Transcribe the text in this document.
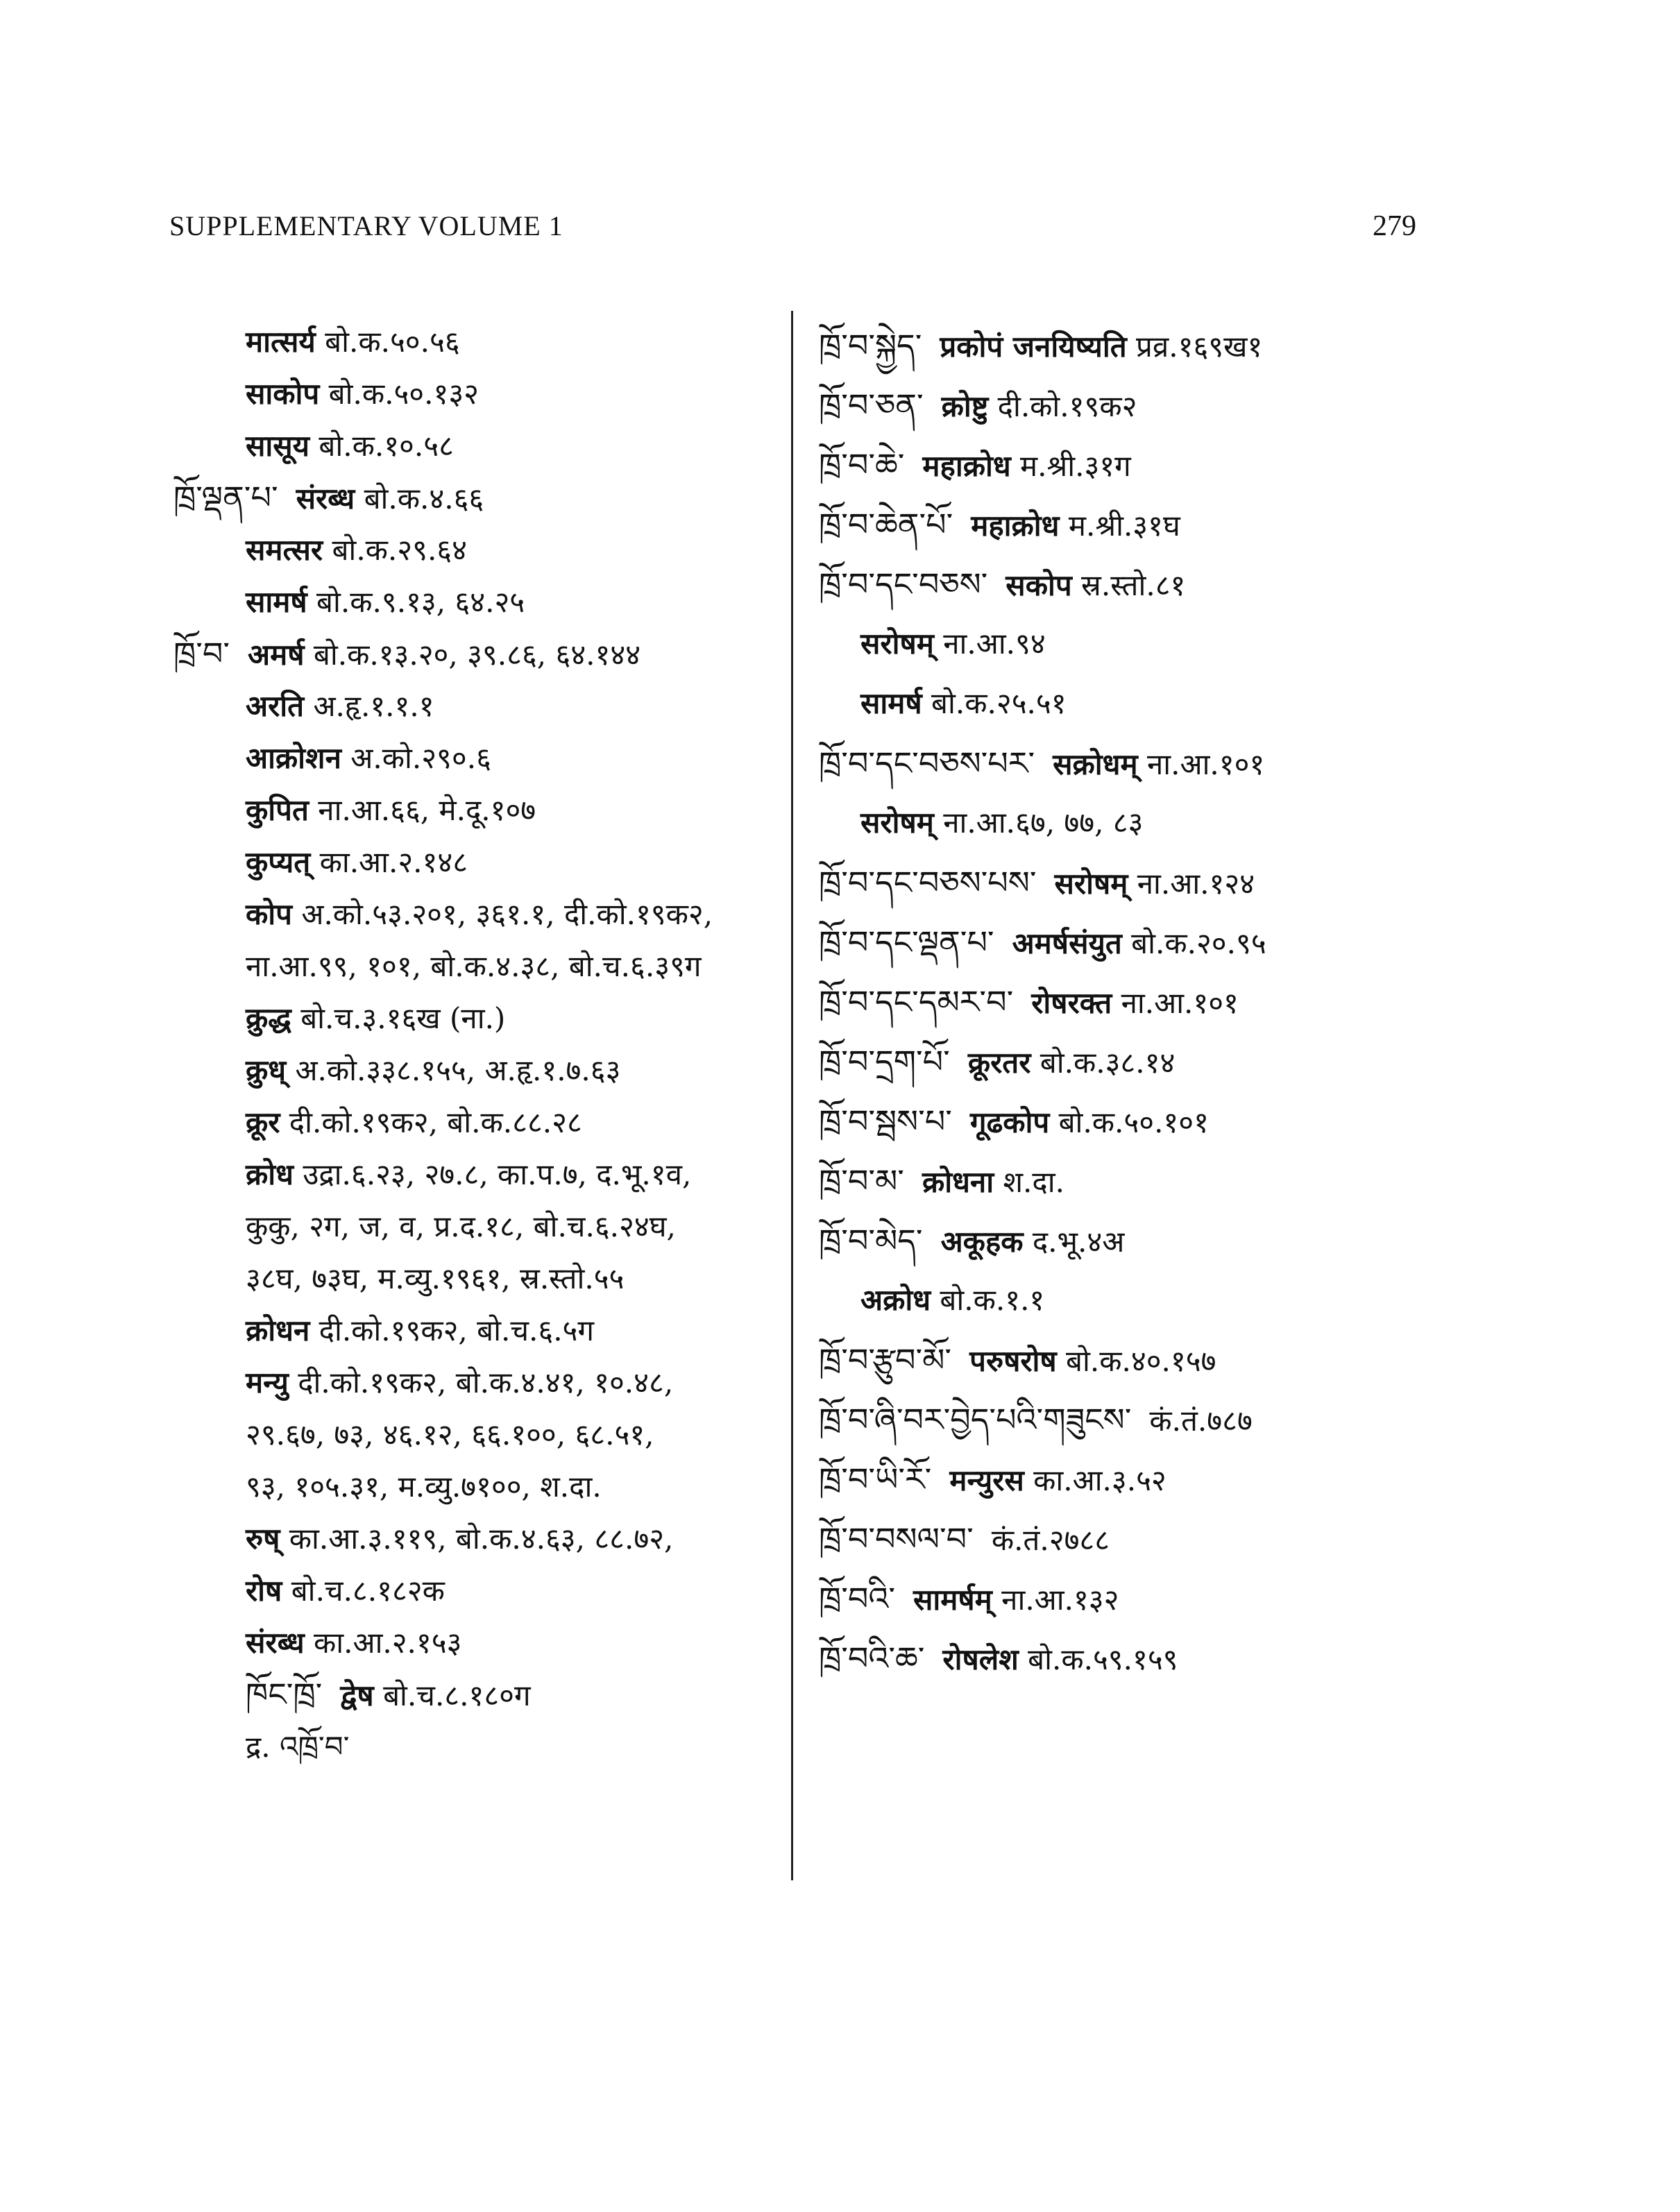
SUPPLEMENTARY VOLUME 1	279
मात्सर्य बो.क.५०.५६
साकोप बो.क.५०.१३२
सासूय बो.क.१०.५८
ཁྲོ་ལྡན་པ་ संरब्ध बो.क.४.६६
समत्सर बो.क.२९.६४
सामर्ष बो.क.९.१३, ६४.२५
ཁྲོ་བ་ अमर्ष बो.क.१३.२०, ३९.८६, ६४.१४४
अरति अ.हृ.१.१.१
आक्रोशन अ.को.२९०.६
कुपित ना.आ.६६, मे.दू.१०७
कुप्यत् का.आ.२.१४८
कोप अ.को.५३.२०१, ३६१.१, दी.को.१९क२,
ना.आ.९९, १०१, बो.क.४.३८, बो.च.६.३९ग
क्रुद्ध बो.च.३.१६ख (ना.)
क्रुध् अ.को.३३८.१५५, अ.हृ.१.७.६३
क्रूर दी.को.१९क२, बो.क.८८.२८
क्रोध उद्रा.६.२३, २७.८, का.प.७, द.भू.१व,
कुकु, २ग, ज, व, प्र.द.१८, बो.च.६.२४घ,
३८घ, ७३घ, म.व्यु.१९६१, स्र.स्तो.५५
क्रोधन दी.को.१९क२, बो.च.६.५ग
मन्यु दी.को.१९क२, बो.क.४.४१, १०.४८,
२९.६७, ७३, ४६.१२, ६६.१००, ६८.५१,
९३, १०५.३१, म.व्यु.७१००, श.दा.
रुष् का.आ.३.११९, बो.क.४.६३, ८८.७२,
रोष बो.च.८.१८२क
संरब्ध का.आ.२.१५३
ཁོང་ཁྲོ་ द्वेष बो.च.८.१८०ग
द्र. འཁྲོ་བ་
ཁྲོ་བ་སྐྱེད་ प्रकोपं जनयिष्यति प्रव्र.१६९ख१
ཁྲོ་བ་ཅན་ क्रोष्टु दी.को.१९क२
ཁྲོ་བ་ཆེ་ महाक्रोध म.श्री.३१ग
ཁྲོ་བ་ཆེན་པོ་ महाक्रोध म.श्री.३१घ
ཁྲོ་བ་དང་བཅས་ सकोप स्र.स्तो.८१
सरोषम् ना.आ.९४
सामर्ष बो.क.२५.५१
ཁྲོ་བ་དང་བཅས་པར་ सक्रोधम् ना.आ.१०१
सरोषम् ना.आ.६७, ७७, ८३
ཁྲོ་བ་དང་བཅས་པས་ सरोषम् ना.आ.१२४
ཁྲོ་བ་དང་ལྡན་པ་ अमर्षसंयुत बो.क.२०.९५
ཁྲོ་བ་དང་དམར་བ་ रोषरक्त ना.आ.१०१
ཁྲོ་བ་དྲག་པོ་ क्रूरतर बो.क.३८.१४
ཁྲོ་བ་སྦས་པ་ गूढकोप बो.क.५०.१०१
ཁྲོ་བ་མ་ क्रोधना श.दा.
ཁྲོ་བ་མེད་ अकूहक द.भू.४अ
अक्रोध बो.क.१.१
ཁྲོ་བ་རྩུབ་མོ་ परुषरोष बो.क.४०.१५७
ཁྲོ་བ་ཞི་བར་བྱེད་པའི་གཟུངས་ कं.तं.७८७
ཁྲོ་བ་ཡི་རོ་ मन्युरस का.आ.३.५२
ཁྲོ་བ་བསལ་བ་ कं.तं.२७८८
ཁྲོ་བའི་ सामर्षम् ना.आ.१३२
ཁྲོ་བའི་ཆ་ रोषलेश बो.क.५९.१५९
